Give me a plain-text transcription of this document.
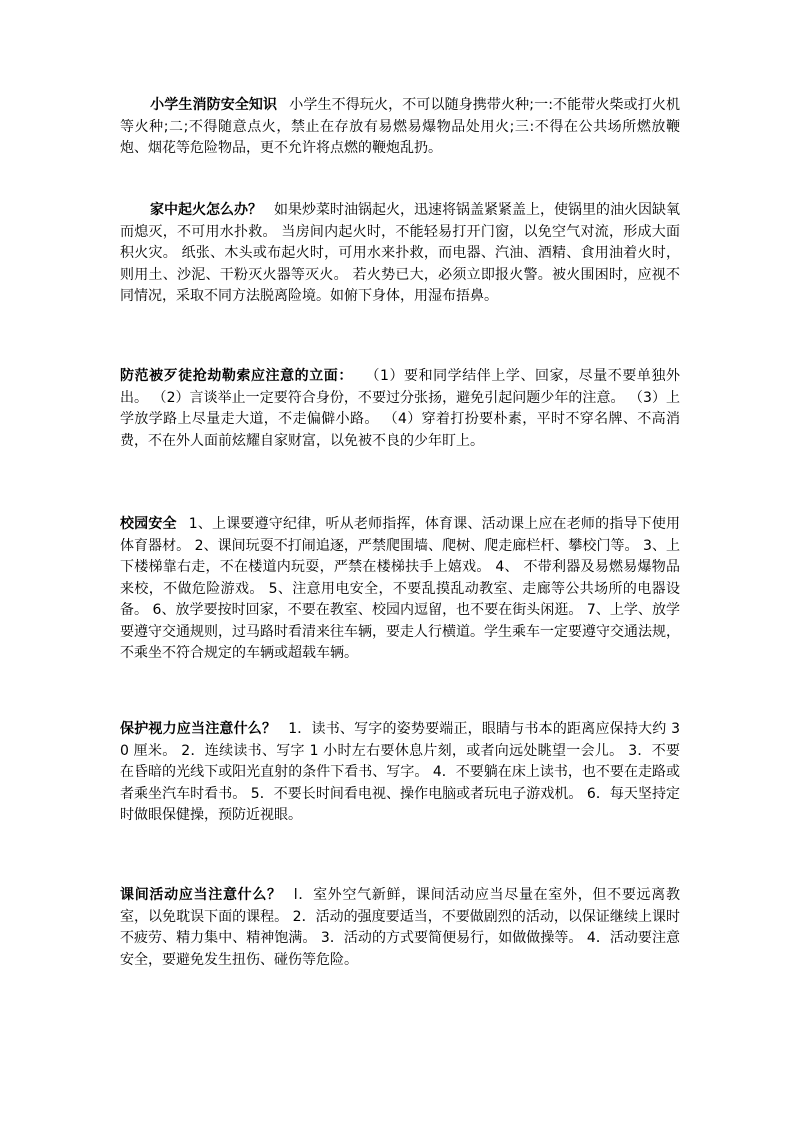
小学生消防安全知识 小学生不得玩火，不可以随身携带火种;一:不能带火柴或打火机等火种;二;不得随意点火，禁止在存放有易燃易爆物品处用火;三:不得在公共场所燃放鞭炮、烟花等危险物品，更不允许将点燃的鞭炮乱扔。
家中起火怎么办？ 如果炒菜时油锅起火，迅速将锅盖紧紧盖上，使锅里的油火因缺氧而熄灭，不可用水扑救。 当房间内起火时，不能轻易打开门窗，以免空气对流，形成大面积火灾。 纸张、木头或布起火时，可用水来扑救，而电器、汽油、酒精、食用油着火时，则用土、沙泥、干粉灭火器等灭火。 若火势已大，必须立即报火警。被火围困时，应视不同情况，采取不同方法脱离险境。如俯下身体，用湿布捂鼻。
防范被歹徒抢劫勒索应注意的立面： （1）要和同学结伴上学、回家，尽量不要单独外出。 （2）言谈举止一定要符合身份，不要过分张扬，避免引起问题少年的注意。 （3）上学放学路上尽量走大道，不走偏僻小路。 （4）穿着打扮要朴素，平时不穿名牌、不高消费，不在外人面前炫耀自家财富，以免被不良的少年盯上。
校园安全 1、上课要遵守纪律，听从老师指挥，体育课、活动课上应在老师的指导下使用体育器材。 2、课间玩耍不打闹追逐，严禁爬围墙、爬树、爬走廊栏杆、攀校门等。 3、上下楼梯靠右走，不在楼道内玩耍，严禁在楼梯扶手上嬉戏。 4、 不带利器及易燃易爆物品来校，不做危险游戏。 5、注意用电安全，不要乱摸乱动教室、走廊等公共场所的电器设备。 6、放学要按时回家，不要在教室、校园内逗留，也不要在街头闲逛。 7、上学、放学要遵守交通规则，过马路时看清来往车辆，要走人行横道。学生乘车一定要遵守交通法规，不乘坐不符合规定的车辆或超载车辆。
保护视力应当注意什么？ 1．读书、写字的姿势要端正，眼睛与书本的距离应保持大约 30 厘米。 2．连续读书、写字 1 小时左右要休息片刻，或者向远处眺望一会儿。 3．不要在昏暗的光线下或阳光直射的条件下看书、写字。 4．不要躺在床上读书，也不要在走路或者乘坐汽车时看书。 5．不要长时间看电视、操作电脑或者玩电子游戏机。 6．每天坚持定时做眼保健操，预防近视眼。
课间活动应当注意什么？ l．室外空气新鲜，课间活动应当尽量在室外，但不要远离教室，以免耽误下面的课程。 2．活动的强度要适当，不要做剧烈的活动，以保证继续上课时不疲劳、精力集中、精神饱满。 3．活动的方式要简便易行，如做做操等。 4．活动要注意安全，要避免发生扭伤、碰伤等危险。
